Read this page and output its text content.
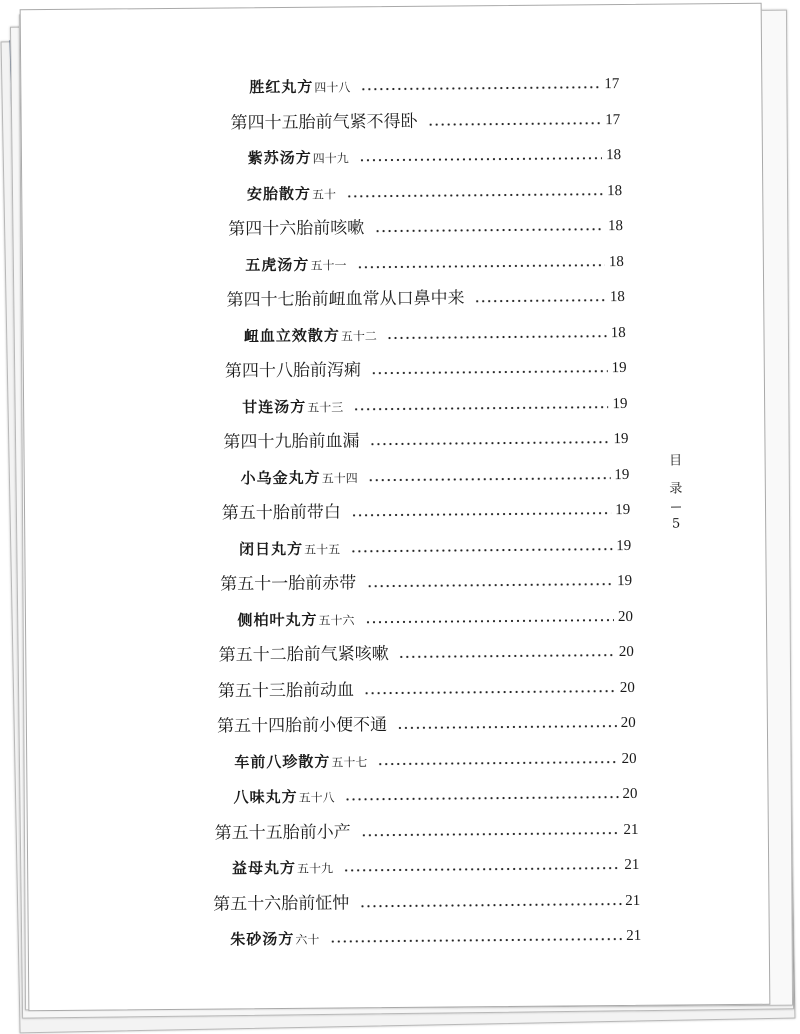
胜红丸方 四十八	17
第四十五胎前气紧不得卧	17
紫苏汤方 四十九	18
安胎散方 五十	18
第四十六胎前咳嗽	18
五虎汤方 五十一	18
第四十七胎前衄血常从口鼻中来	18
衄血立效散方 五十二	18
第四十八胎前泻痢	19
甘连汤方 五十三	19
第四十九胎前血漏	19
小乌金丸方 五十四	19
第五十胎前带白	19
闭日丸方 五十五	19
第五十一胎前赤带	19
侧柏叶丸方 五十六	20
第五十二胎前气紧咳嗽	20
第五十三胎前动血	20
第五十四胎前小便不通	20
车前八珍散方 五十七	20
八味丸方 五十八	20
第五十五胎前小产	21
益母丸方 五十九	21
第五十六胎前怔忡	21
朱砂汤方 六十	21
目
录
5
